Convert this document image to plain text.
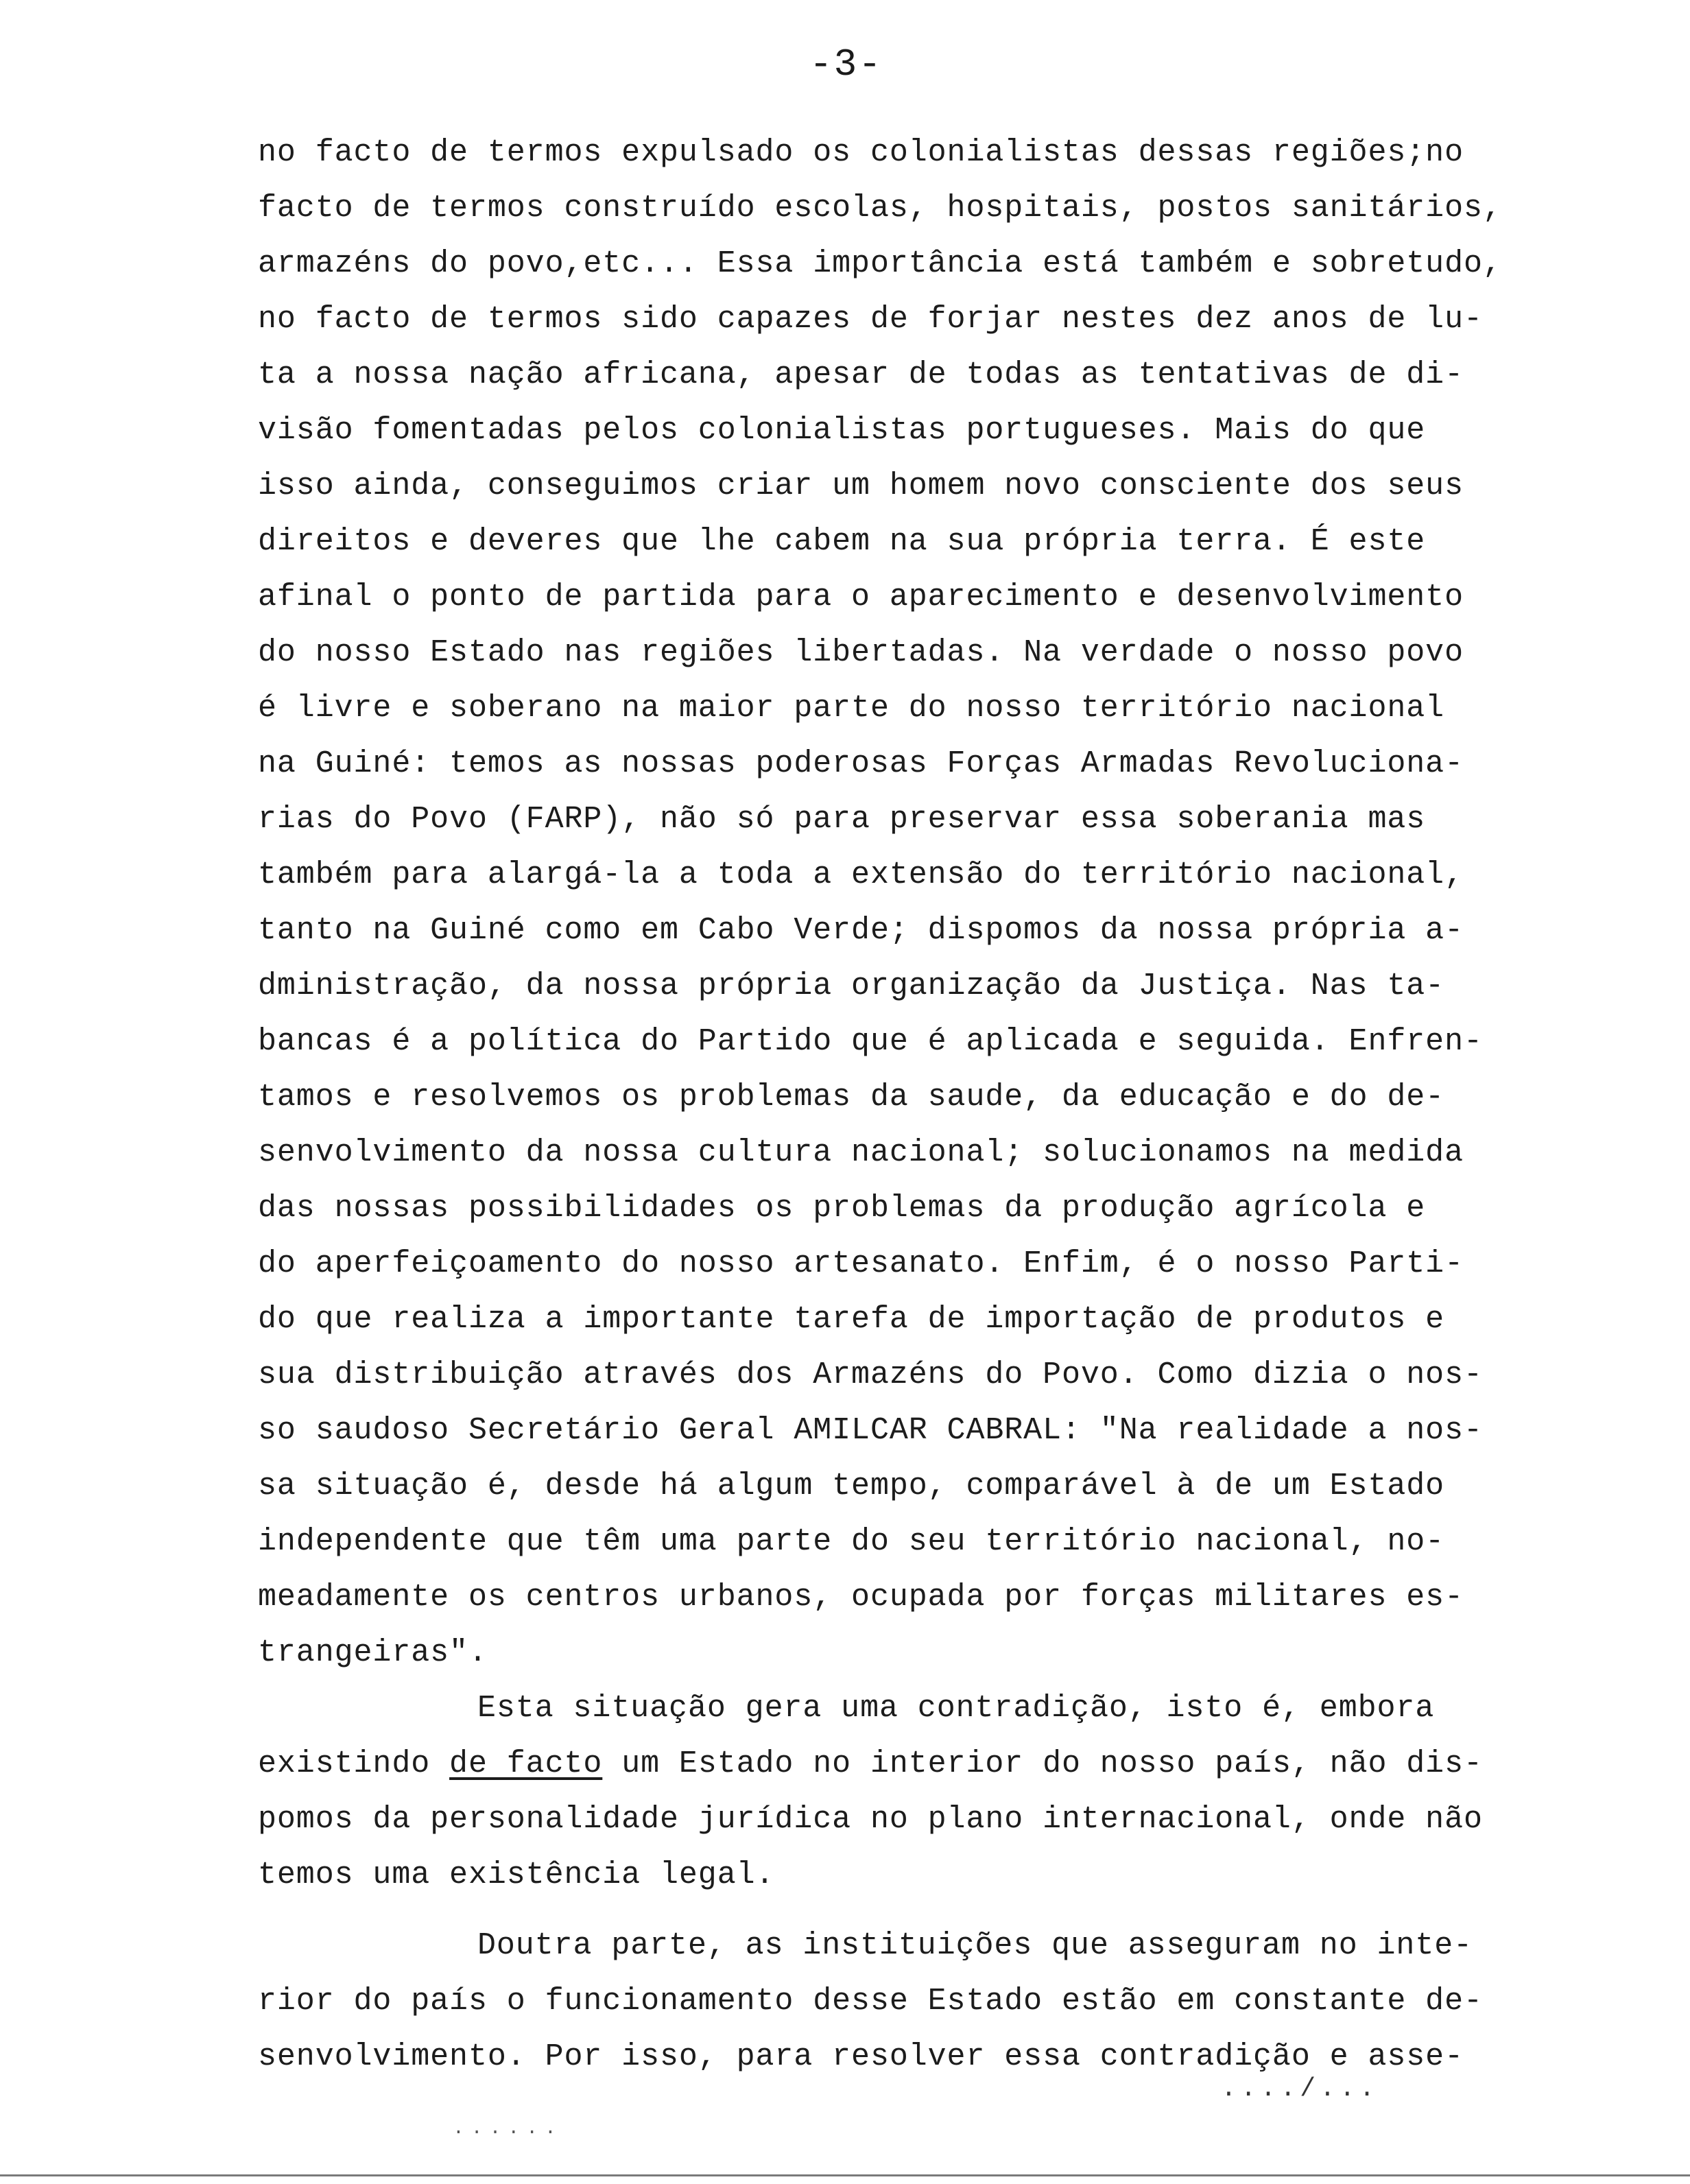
-3-
no facto de termos expulsado os colonialistas dessas regiões;no
facto de termos construído escolas, hospitais, postos sanitários,
armazéns do povo,etc... Essa importância está também e sobretudo,
no facto de termos sido capazes de forjar nestes dez anos de lu-
ta a nossa nação africana, apesar de todas as tentativas de di-
visão fomentadas pelos colonialistas portugueses. Mais do que
isso ainda, conseguimos criar um homem novo consciente dos seus
direitos e deveres que lhe cabem na sua própria terra. É este
afinal o ponto de partida para o aparecimento e desenvolvimento
do nosso Estado nas regiões libertadas. Na verdade o nosso povo
é livre e soberano na maior parte do nosso território nacional
na Guiné: temos as nossas poderosas Forças Armadas Revoluciona-
rias do Povo (FARP), não só para preservar essa soberania mas
também para alargá-la a toda a extensão do território nacional,
tanto na Guiné como em Cabo Verde; dispomos da nossa própria a-
dministração, da nossa própria organização da Justiça. Nas ta-
bancas é a política do Partido que é aplicada e seguida. Enfren-
tamos e resolvemos os problemas da saude, da educação e do de-
senvolvimento da nossa cultura nacional; solucionamos na medida
das nossas possibilidades os problemas da produção agrícola e
do aperfeiçoamento do nosso artesanato. Enfim, é o nosso Parti-
do que realiza a importante tarefa de importação de produtos e
sua distribuição através dos Armazéns do Povo. Como dizia o nos-
so saudoso Secretário Geral AMILCAR CABRAL: "Na realidade a nos-
sa situação é, desde há algum tempo, comparável à de um Estado
independente que têm uma parte do seu território nacional, no-
meadamente os centros urbanos, ocupada por forças militares es-
trangeiras".
Esta situação gera uma contradição, isto é, embora
existindo de facto um Estado no interior do nosso país, não dis-
pomos da personalidade jurídica no plano internacional, onde não
temos uma existência legal.
Doutra parte, as instituições que asseguram no inte-
rior do país o funcionamento desse Estado estão em constante de-
senvolvimento. Por isso, para resolver essa contradição e asse-
..../...
......
